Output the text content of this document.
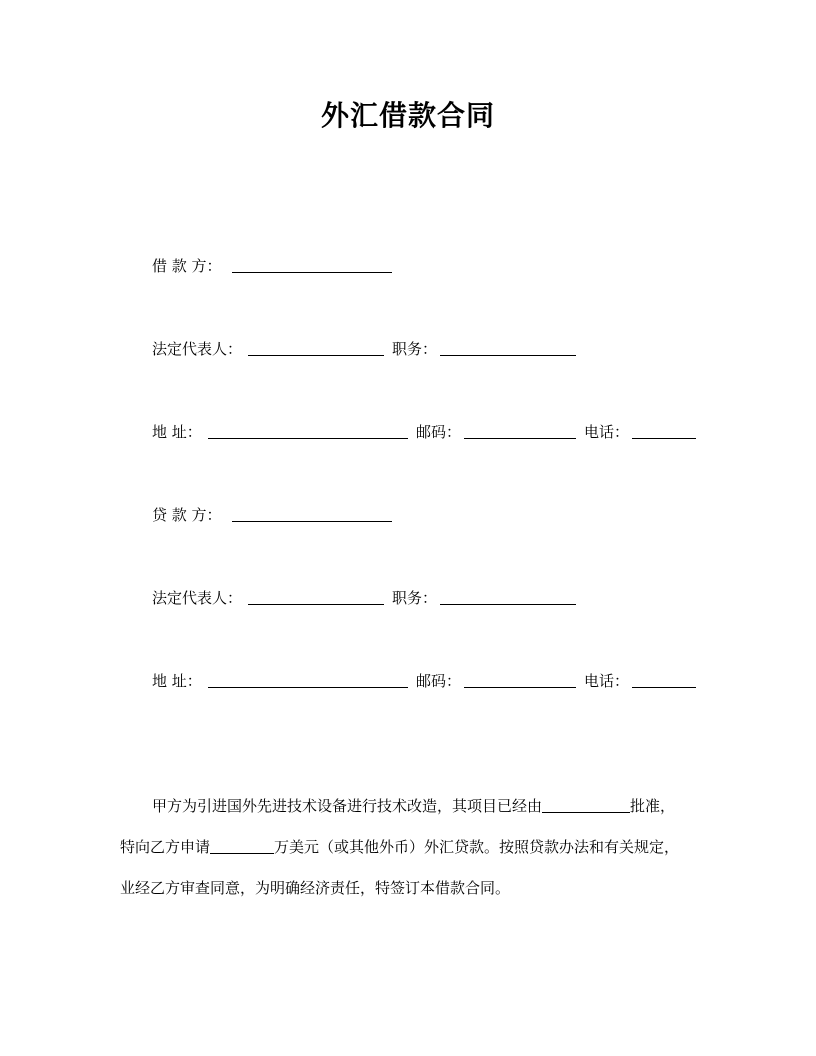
外汇借款合同
借 款 方：
法定代表人：	职务：
地 址：	邮码：	电话：
贷 款 方：
法定代表人：	职务：
地 址：	邮码：	电话：
甲方为引进国外先进技术设备进行技术改造，其项目已经由	批准，
特向乙方申请	万美元（或其他外币）外汇贷款。按照贷款办法和有关规定，
业经乙方审查同意，为明确经济责任，特签订本借款合同。
